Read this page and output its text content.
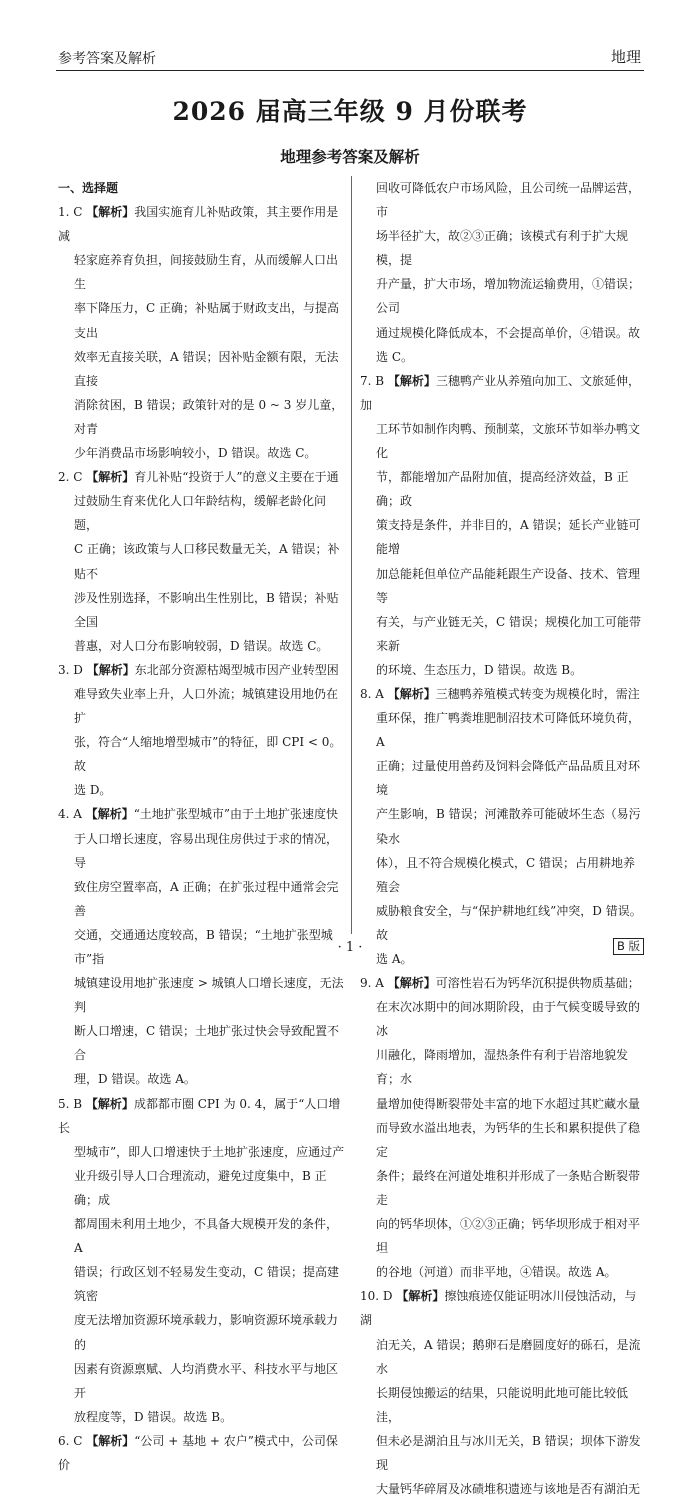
参考答案及解析	地理
2026 届高三年级 9 月份联考
地理参考答案及解析
一、选择题
1. C 【解析】我国实施育儿补贴政策，其主要作用是减
轻家庭养育负担，间接鼓励生育，从而缓解人口出生
率下降压力，C 正确；补贴属于财政支出，与提高支出
效率无直接关联，A 错误；因补贴金额有限，无法直接
消除贫困，B 错误；政策针对的是 0 ~ 3 岁儿童，对青
少年消费品市场影响较小，D 错误。故选 C。
2. C 【解析】育儿补贴“投资于人”的意义主要在于通
过鼓励生育来优化人口年龄结构，缓解老龄化问题，
C 正确；该政策与人口移民数量无关，A 错误；补贴不
涉及性别选择，不影响出生性别比，B 错误；补贴全国
普惠，对人口分布影响较弱，D 错误。故选 C。
3. D 【解析】东北部分资源枯竭型城市因产业转型困
难导致失业率上升，人口外流；城镇建设用地仍在扩
张，符合“人缩地增型城市”的特征，即 CPI < 0。故
选 D。
4. A 【解析】“土地扩张型城市”由于土地扩张速度快
于人口增长速度，容易出现住房供过于求的情况，导
致住房空置率高，A 正确；在扩张过程中通常会完善
交通，交通通达度较高，B 错误；“土地扩张型城市”指
城镇建设用地扩张速度 > 城镇人口增长速度，无法判
断人口增速，C 错误；土地扩张过快会导致配置不合
理，D 错误。故选 A。
5. B 【解析】成都都市圈 CPI 为 0. 4，属于“人口增长
型城市”，即人口增速快于土地扩张速度，应通过产
业升级引导人口合理流动，避免过度集中，B 正确；成
都周围未利用土地少，不具备大规模开发的条件，A
错误；行政区划不轻易发生变动，C 错误；提高建筑密
度无法增加资源环境承载力，影响资源环境承载力的
因素有资源禀赋、人均消费水平、科技水平与地区开
放程度等，D 错误。故选 B。
6. C 【解析】“公司 + 基地 + 农户”模式中，公司保价
回收可降低农户市场风险，且公司统一品牌运营，市
场半径扩大，故②③正确；该模式有利于扩大规模，提
升产量，扩大市场，增加物流运输费用，①错误；公司
通过规模化降低成本，不会提高单价，④错误。故
选 C。
7. B 【解析】三穗鸭产业从养殖向加工、文旅延伸，加
工环节如制作肉鸭、预制菜，文旅环节如举办鸭文化
节，都能增加产品附加值，提高经济效益，B 正确；政
策支持是条件，并非目的，A 错误；延长产业链可能增
加总能耗但单位产品能耗跟生产设备、技术、管理等
有关，与产业链无关，C 错误；规模化加工可能带来新
的环境、生态压力，D 错误。故选 B。
8. A 【解析】三穗鸭养殖模式转变为规模化时，需注
重环保，推广鸭粪堆肥制沼技术可降低环境负荷，A
正确；过量使用兽药及饲料会降低产品品质且对环境
产生影响，B 错误；河滩散养可能破坏生态（易污染水
体），且不符合规模化模式，C 错误；占用耕地养殖会
威胁粮食安全，与“保护耕地红线”冲突，D 错误。故
选 A。
9. A 【解析】可溶性岩石为钙华沉积提供物质基础；
在末次冰期中的间冰期阶段，由于气候变暖导致的冰
川融化，降雨增加，湿热条件有利于岩溶地貌发育；水
量增加使得断裂带处丰富的地下水超过其贮藏水量
而导致水溢出地表，为钙华的生长和累积提供了稳定
条件；最终在河道处堆积并形成了一条贴合断裂带走
向的钙华坝体，①②③正确；钙华坝形成于相对平坦
的谷地（河道）而非平地，④错误。故选 A。
10. D 【解析】擦蚀痕迹仅能证明冰川侵蚀活动，与湖
泊无关，A 错误；鹅卵石是磨圆度好的砾石，是流水
长期侵蚀搬运的结果，只能说明此地可能比较低洼，
但未必是湖泊且与冰川无关，B 错误；坝体下游发现
大量钙华碎屑及冰碛堆积遗迹与该地是否有湖泊无
· 1 ·	B 版
